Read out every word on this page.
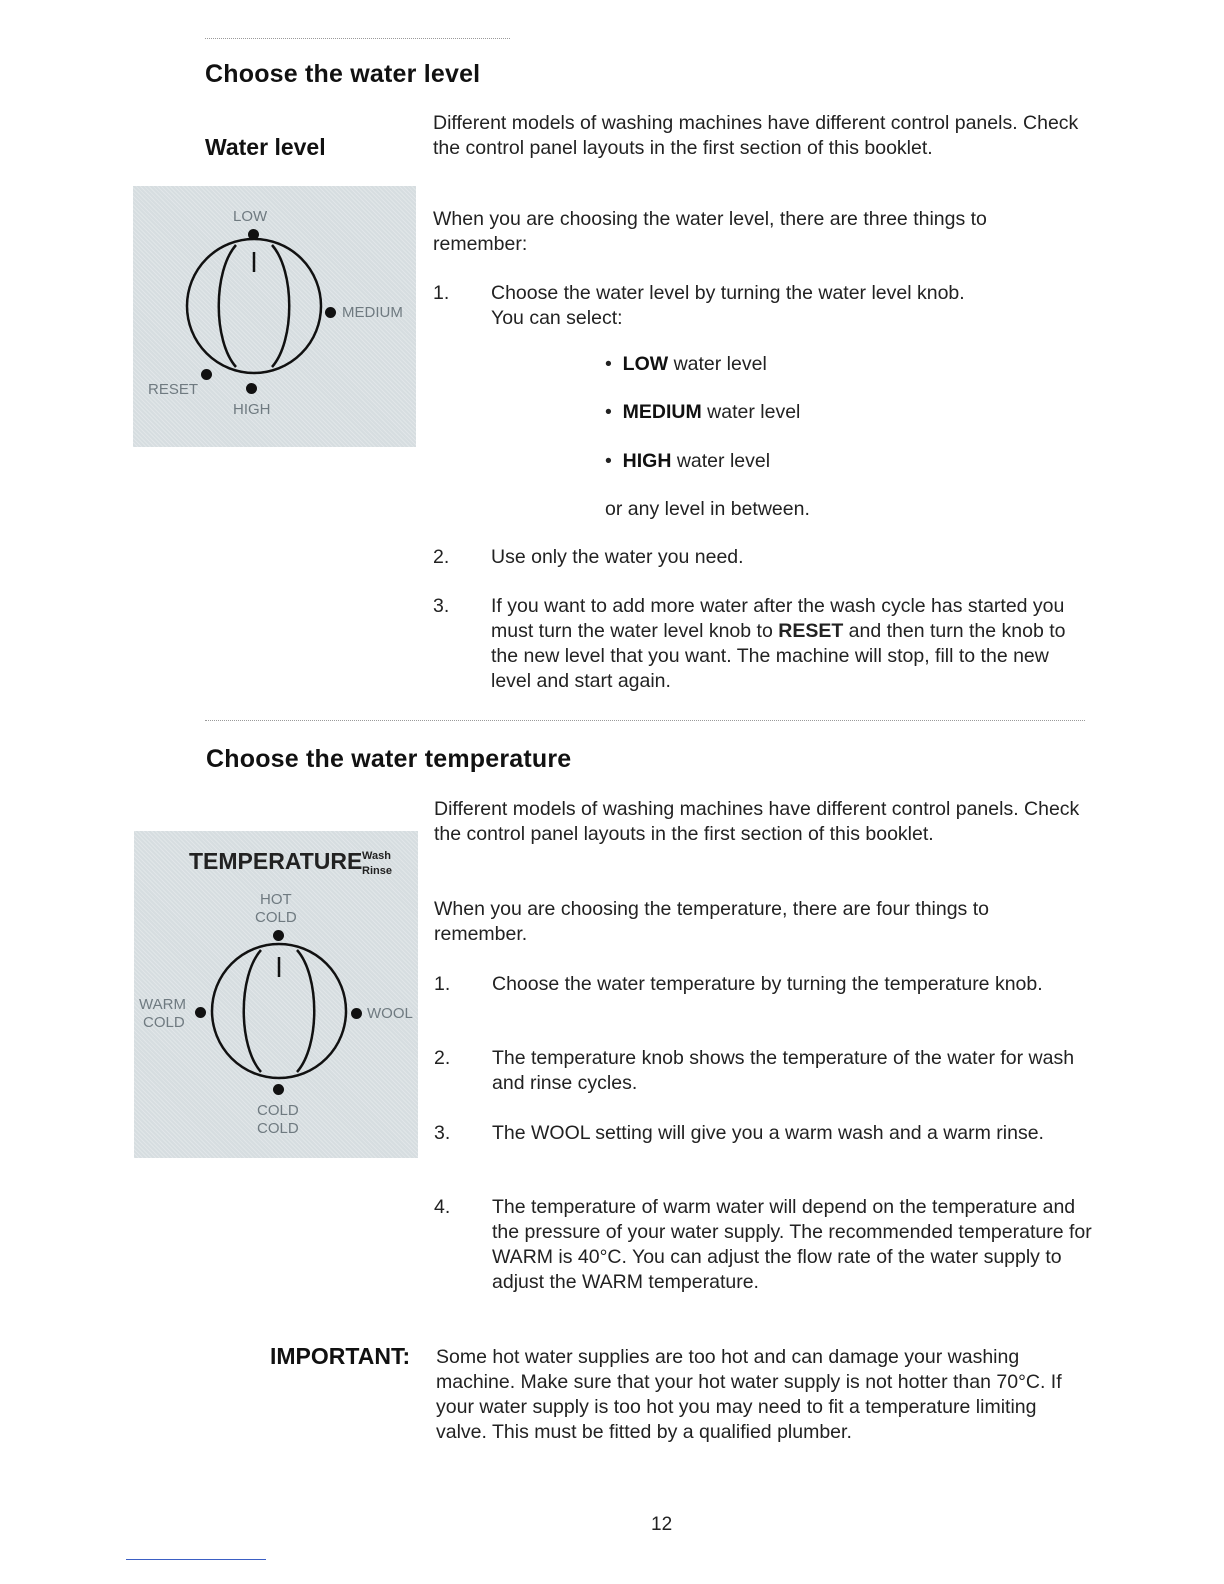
Choose the water level
Water level
LOW
MEDIUM
RESET
HIGH

Different models of washing machines have different control panels. Check the control panel layouts in the first section of this booklet.

When you are choosing the water level, there are three things to remember:

1. Choose the water level by turning the water level knob.

You can select:

• LOW water level
• MEDIUM water level
• HIGH water level

or any level in between.

2. Use only the water you need.

3. If you want to add more water after the wash cycle has started you must turn the water level knob to RESET and then turn the knob to the new level that you want. The machine will stop, fill to the new level and start again.

Choose the water temperature
TEMPERATURE Wash
Rinse
HOT
COLD
WARM
COLD
WOOL
COLD
COLD

Different models of washing machines have different control panels. Check the control panel layouts in the first section of this booklet.

When you are choosing the temperature, there are four things to remember.

1. Choose the water temperature by turning the temperature knob.

2. The temperature knob shows the temperature of the water for wash and rinse cycles.

3. The WOOL setting will give you a warm wash and a warm rinse.

4. The temperature of warm water will depend on the temperature and the pressure of your water supply. The recommended temperature for WARM is 40°C. You can adjust the flow rate of the water supply to adjust the WARM temperature.

IMPORTANT: Some hot water supplies are too hot and can damage your washing machine. Make sure that your hot water supply is not hotter than 70°C. If your water supply is too hot you may need to fit a temperature limiting valve. This must be fitted by a qualified plumber.

12
